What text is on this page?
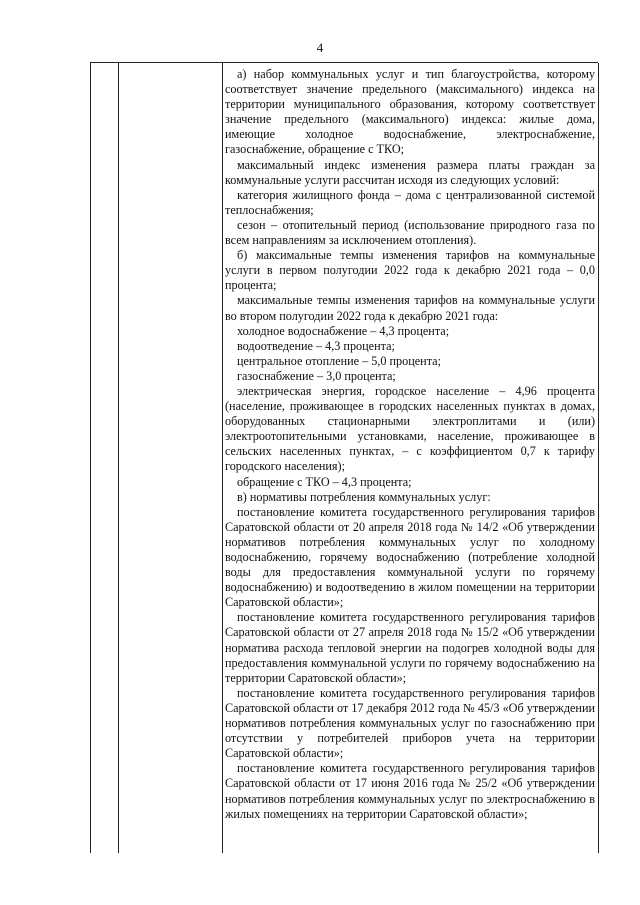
4

а) набор коммунальных услуг и тип благоустройства, которому соответствует значение предельного (максимального) индекса на территории муниципального образования, которому соответствует значение предельного (максимального) индекса: жилые дома, имеющие холодное водоснабжение, электроснабжение, газоснабжение, обращение с ТКО;

максимальный индекс изменения размера платы граждан за коммунальные услуги рассчитан исходя из следующих условий:

категория жилищного фонда – дома с централизованной системой теплоснабжения;

сезон – отопительный период (использование природного газа по всем направлениям за исключением отопления).

б) максимальные темпы изменения тарифов на коммунальные услуги в первом полугодии 2022 года к декабрю 2021 года – 0,0 процента;

максимальные темпы изменения тарифов на коммунальные услуги во втором полугодии 2022 года к декабрю 2021 года:

холодное водоснабжение – 4,3 процента;

водоотведение – 4,3 процента;

центральное отопление – 5,0 процента;

газоснабжение – 3,0 процента;

электрическая энергия, городское население – 4,96 процента (население, проживающее в городских населенных пунктах в домах, оборудованных стационарными электроплитами и (или) электроотопительными установками, население, проживающее в сельских населенных пунктах, – с коэффициентом 0,7 к тарифу городского населения);

обращение с ТКО – 4,3 процента;

в) нормативы потребления коммунальных услуг:

постановление комитета государственного регулирования тарифов Саратовской области от 20 апреля 2018 года № 14/2 «Об утверждении нормативов потребления коммунальных услуг по холодному водоснабжению, горячему водоснабжению (потребление холодной воды для предоставления коммунальной услуги по горячему водоснабжению) и водоотведению в жилом помещении на территории Саратовской области»;

постановление комитета государственного регулирования тарифов Саратовской области от 27 апреля 2018 года № 15/2 «Об утверждении норматива расхода тепловой энергии на подогрев холодной воды для предоставления коммунальной услуги по горячему водоснабжению на территории Саратовской области»;

постановление комитета государственного регулирования тарифов Саратовской области от 17 декабря 2012 года № 45/3 «Об утверждении нормативов потребления коммунальных услуг по газоснабжению при отсутствии у потребителей приборов учета на территории Саратовской области»;

постановление комитета государственного регулирования тарифов Саратовской области от 17 июня 2016 года № 25/2 «Об утверждении нормативов потребления коммунальных услуг по электроснабжению в жилых помещениях на территории Саратовской области»;
